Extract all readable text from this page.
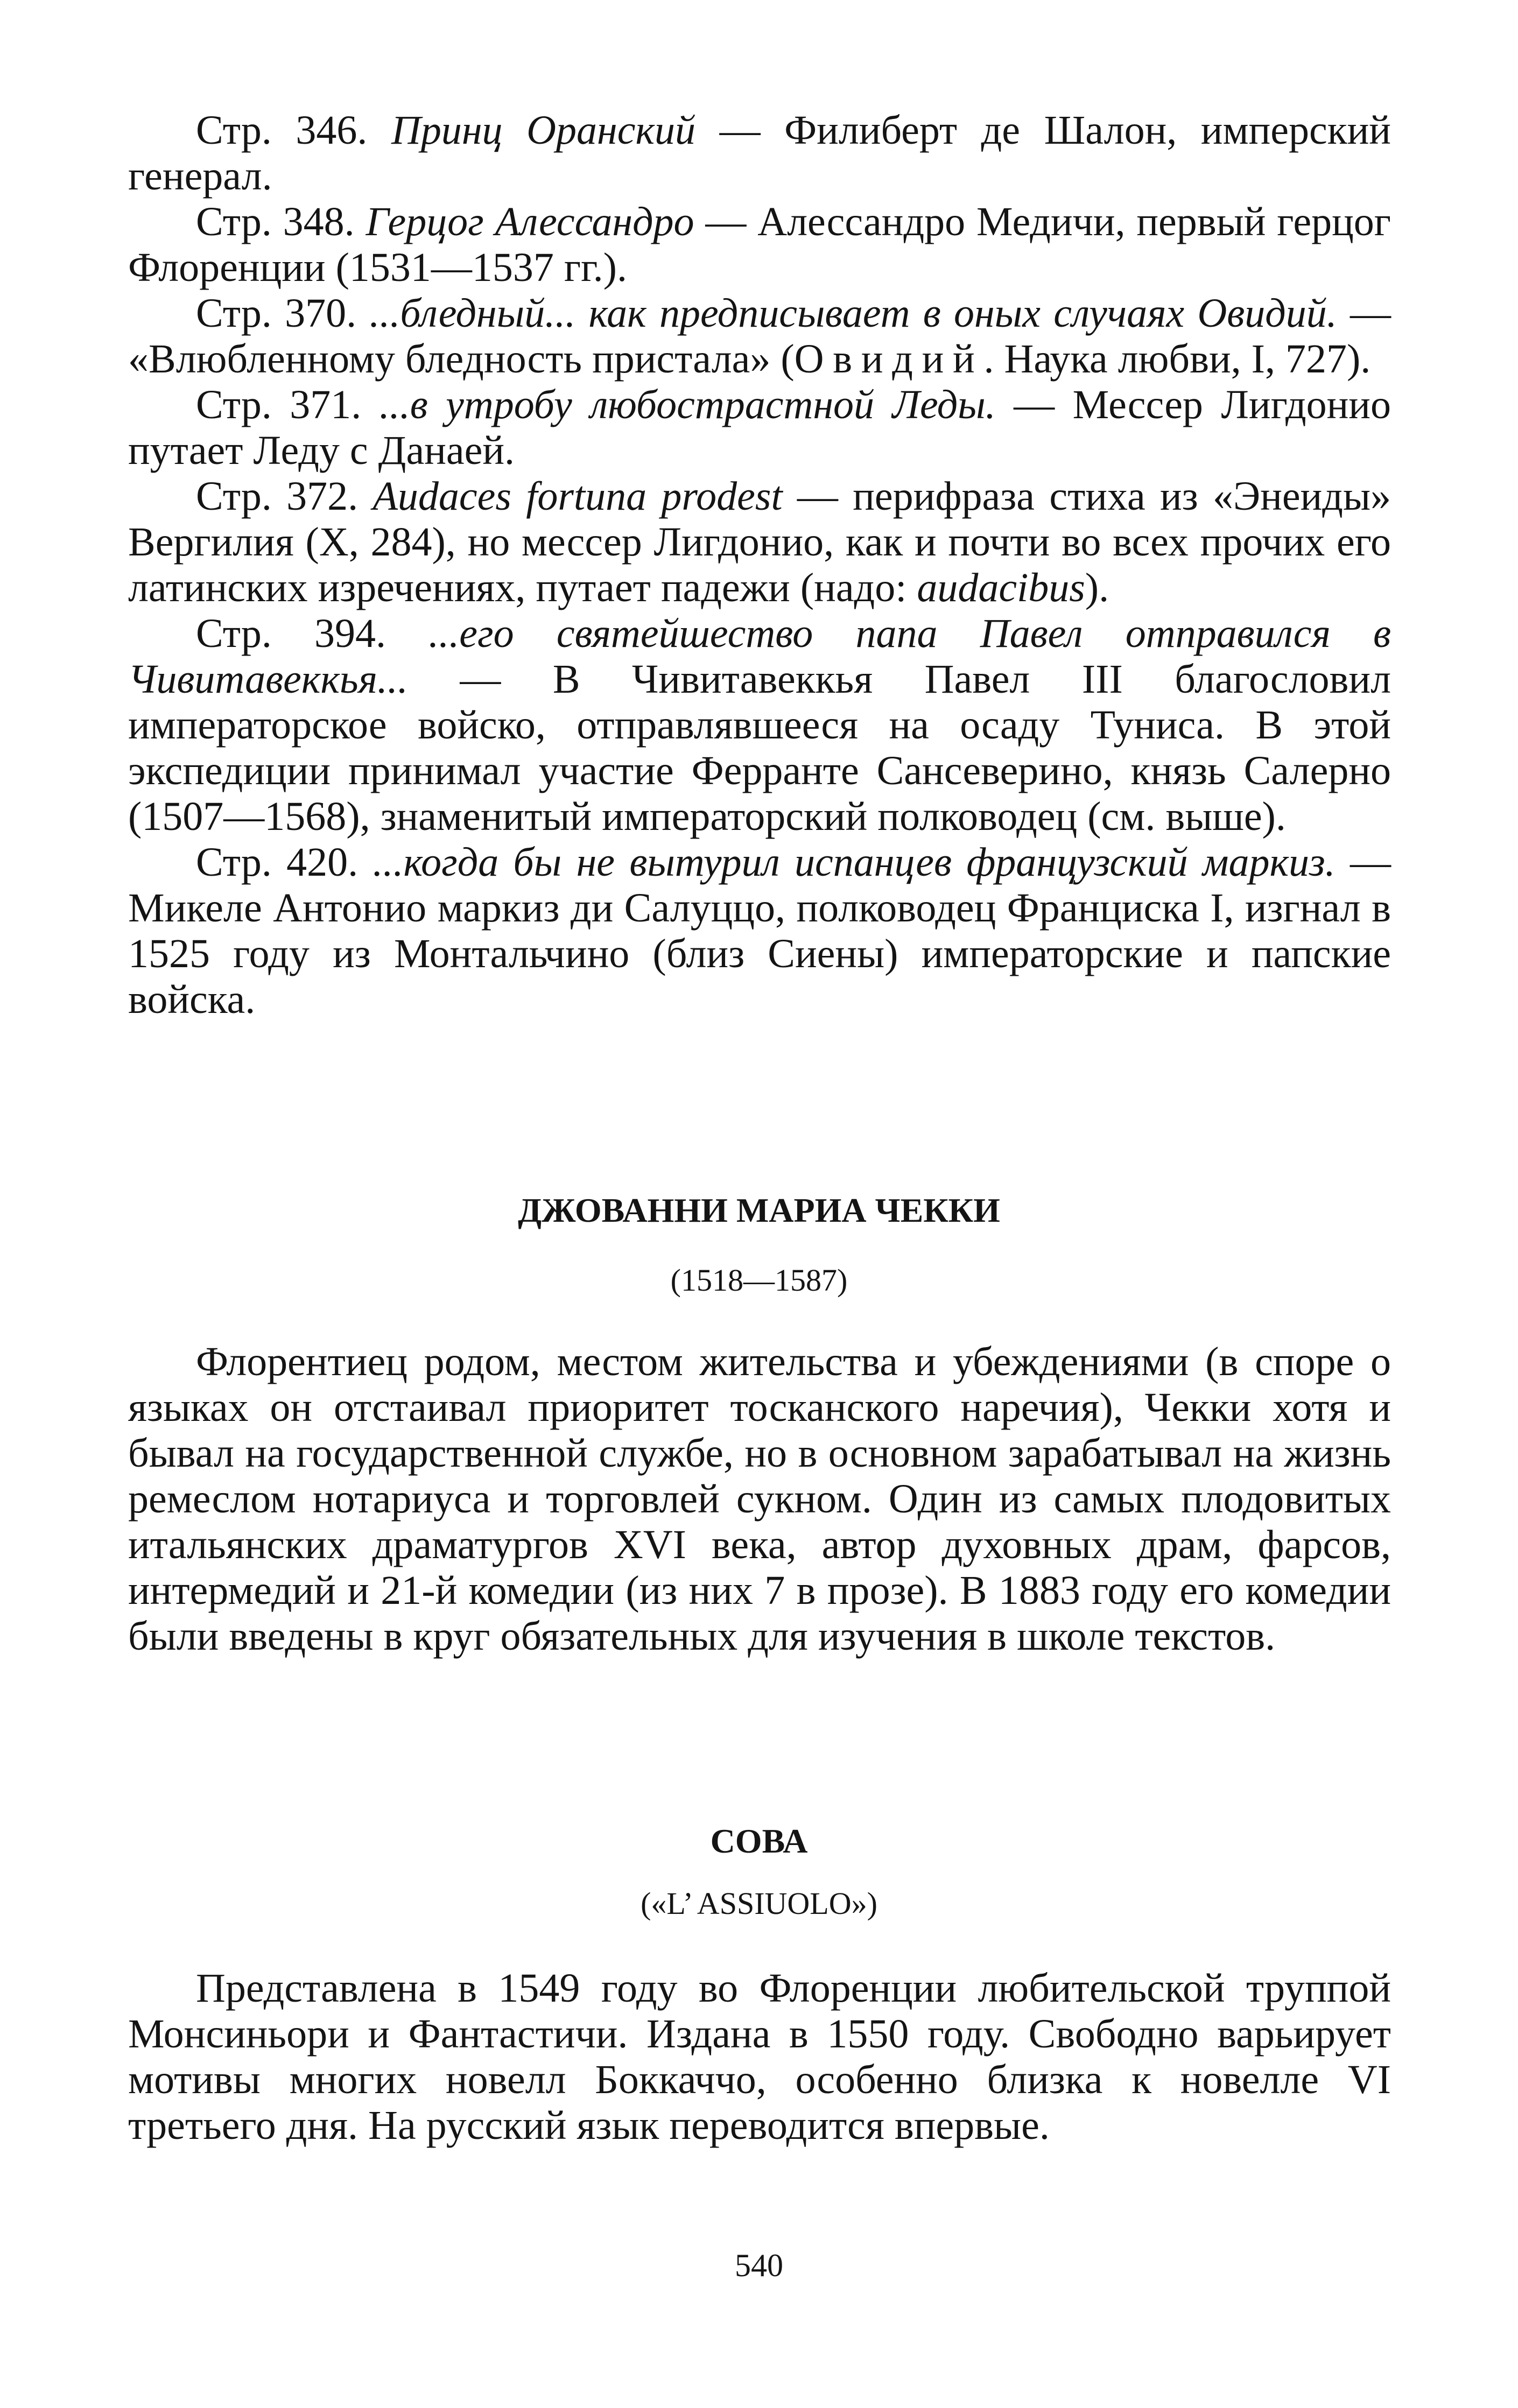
Стр. 346. Принц Оранский — Филиберт де Шалон, имперский генерал.

Стр. 348. Герцог Алессандро — Алессандро Медичи, первый герцог Флоренции (1531—1537 гг.).

Стр. 370. ...бледный... как предписывает в оных случаях Овидий. — «Влюбленному бледность пристала» (Овидий. Наука любви, I, 727).

Стр. 371. ...в утробу любострастной Леды. — Мессер Лигдонио путает Леду с Данаей.

Стр. 372. Audaces fortuna prodest — перифраза стиха из «Энеиды» Вергилия (X, 284), но мессер Лигдонио, как и почти во всех прочих его латинских изречениях, путает падежи (надо: audacibus).

Стр. 394. ...его святейшество папа Павел отправился в Чивитавеккья... — В Чивитавеккья Павел III благословил императорское войско, отправлявшееся на осаду Туниса. В этой экспедиции принимал участие Ферранте Сансеверино, князь Салерно (1507—1568), знаменитый императорский полководец (см. выше).

Стр. 420. ...когда бы не вытурил испанцев французский маркиз. — Микеле Антонио маркиз ди Салуццо, полководец Франциска I, изгнал в 1525 году из Монтальчино (близ Сиены) императорские и папские войска.

ДЖОВАННИ МАРИА ЧЕККИ
(1518—1587)

Флорентиец родом, местом жительства и убеждениями (в споре о языках он отстаивал приоритет тосканского наречия), Чекки хотя и бывал на государственной службе, но в основном зарабатывал на жизнь ремеслом нотариуса и торговлей сукном. Один из самых плодовитых итальянских драматургов XVI века, автор духовных драм, фарсов, интермедий и 21-й комедии (из них 7 в прозе). В 1883 году его комедии были введены в круг обязательных для изучения в школе текстов.

СОВА
(«L’ ASSIUOLO»)

Представлена в 1549 году во Флоренции любительской труппой Монсиньори и Фантастичи. Издана в 1550 году. Свободно варьирует мотивы многих новелл Боккаччо, особенно близка к новелле VI третьего дня. На русский язык переводится впервые.

540
